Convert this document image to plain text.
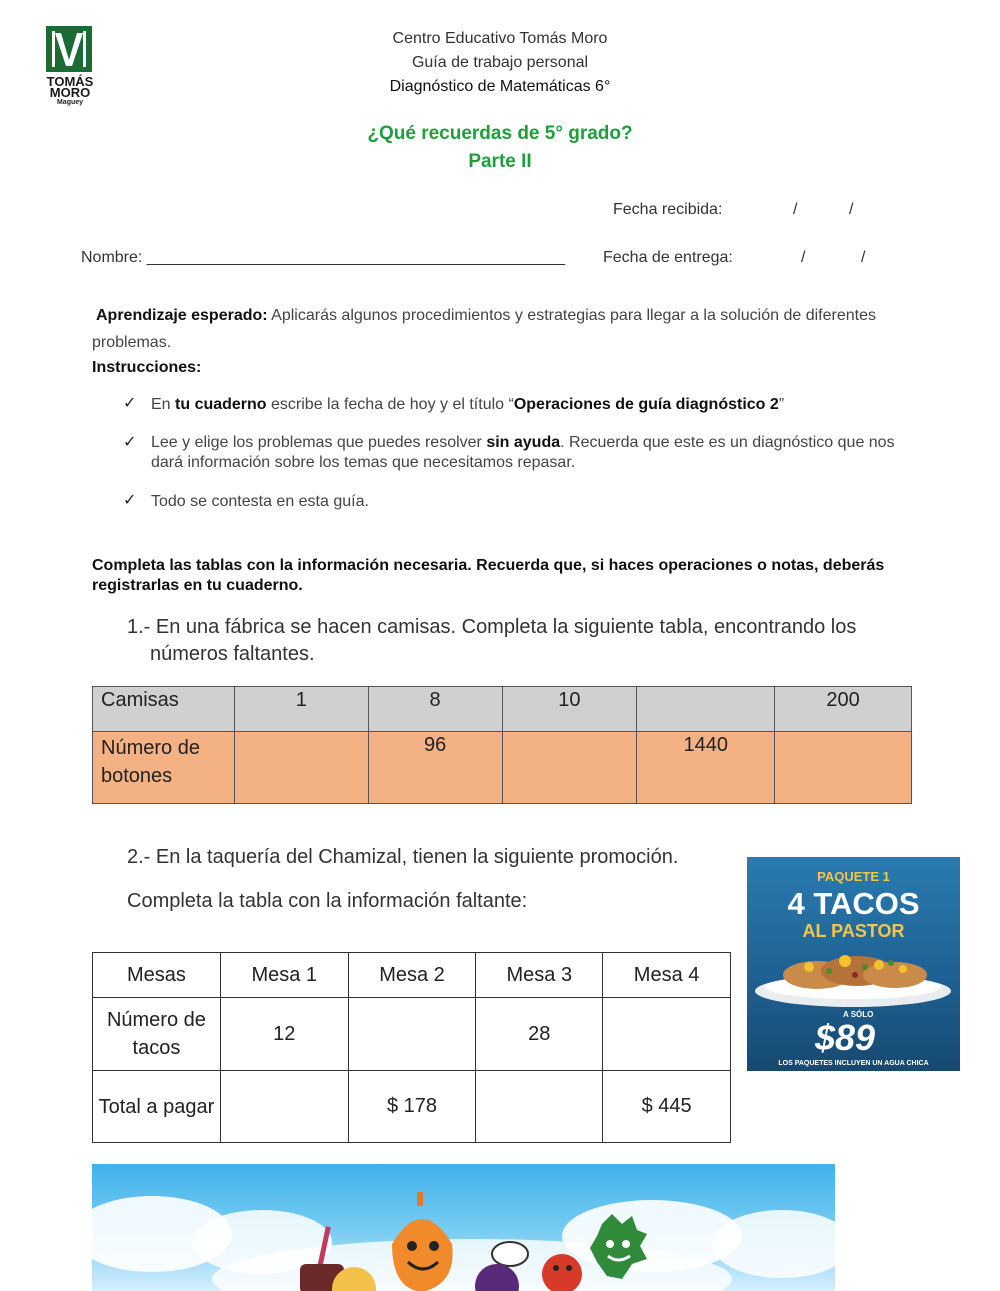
TOMÁS
MORO
Maguey
Centro Educativo Tomás Moro
Guía de trabajo personal
Diagnóstico de Matemáticas 6°
¿Qué recuerdas de 5° grado?
Parte II
Fecha recibida:	/	/
Nombre: _______________________________________________ Fecha de entrega:	/	/
Aprendizaje esperado: Aplicarás algunos procedimientos y estrategias para llegar a la solución de diferentes problemas.
Instrucciones:
✓ En tu cuaderno escribe la fecha de hoy y el título “Operaciones de guía diagnóstico 2”
✓ Lee y elige los problemas que puedes resolver sin ayuda. Recuerda que este es un diagnóstico que nos dará información sobre los temas que necesitamos repasar.
✓ Todo se contesta en esta guía.
Completa las tablas con la información necesaria. Recuerda que, si haces operaciones o notas, deberás registrarlas en tu cuaderno.
1.- En una fábrica se hacen camisas. Completa la siguiente tabla, encontrando los números faltantes.
Camisas	1	8	10		200
Número de botones		96		1440	
2.- En la taquería del Chamizal, tienen la siguiente promoción.
Completa la tabla con la información faltante:
Mesas	Mesa 1	Mesa 2	Mesa 3	Mesa 4
Número de tacos	12		28	
Total a pagar		$ 178		$ 445
PAQUETE 1
4 TACOS
AL PASTOR
A SÓLO
$89
LOS PAQUETES INCLUYEN UN AGUA CHICA
